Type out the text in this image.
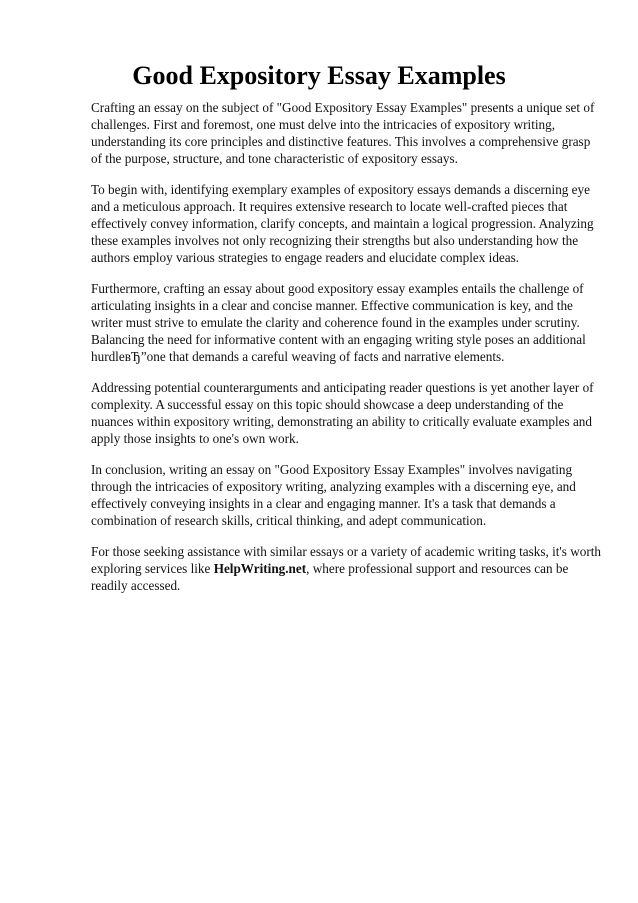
Good Expository Essay Examples

Crafting an essay on the subject of "Good Expository Essay Examples" presents a unique set of challenges. First and foremost, one must delve into the intricacies of expository writing, understanding its core principles and distinctive features. This involves a comprehensive grasp of the purpose, structure, and tone characteristic of expository essays.

To begin with, identifying exemplary examples of expository essays demands a discerning eye and a meticulous approach. It requires extensive research to locate well-crafted pieces that effectively convey information, clarify concepts, and maintain a logical progression. Analyzing these examples involves not only recognizing their strengths but also understanding how the authors employ various strategies to engage readers and elucidate complex ideas.

Furthermore, crafting an essay about good expository essay examples entails the challenge of articulating insights in a clear and concise manner. Effective communication is key, and the writer must strive to emulate the clarity and coherence found in the examples under scrutiny. Balancing the need for informative content with an engaging writing style poses an additional hurdleвЂ”one that demands a careful weaving of facts and narrative elements.

Addressing potential counterarguments and anticipating reader questions is yet another layer of complexity. A successful essay on this topic should showcase a deep understanding of the nuances within expository writing, demonstrating an ability to critically evaluate examples and apply those insights to one's own work.

In conclusion, writing an essay on "Good Expository Essay Examples" involves navigating through the intricacies of expository writing, analyzing examples with a discerning eye, and effectively conveying insights in a clear and engaging manner. It's a task that demands a combination of research skills, critical thinking, and adept communication.

For those seeking assistance with similar essays or a variety of academic writing tasks, it's worth exploring services like HelpWriting.net, where professional support and resources can be readily accessed.
